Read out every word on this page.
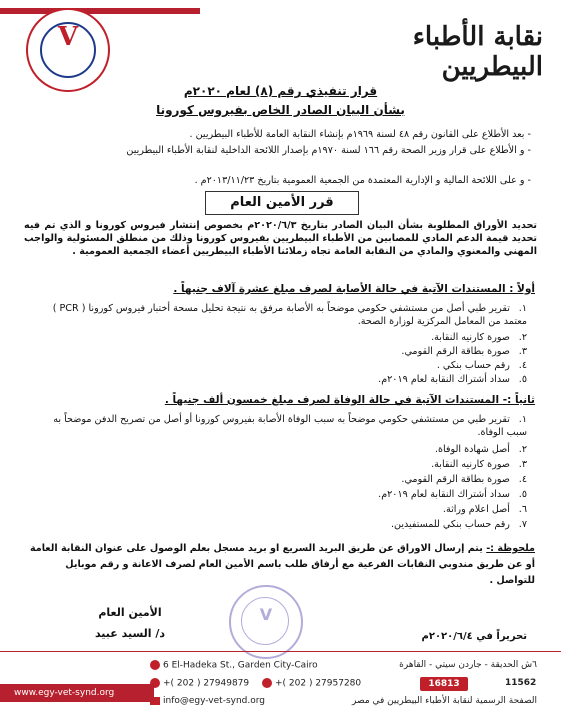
V	نقابة الأطباء البيطريين
قرار تنفيذي رقم (٨) لعام ٢٠٢٠م
بشأن البيان الصادر الخاص بفيروس كورونا
- بعد الأطلاع على القانون رقم ٤٨ لسنة ١٩٦٩م بإنشاء النقابة العامة للأطباء البيطريين .
- و الأطلاع على قرار وزير الصحة رقم ١٦٦ لسنة ١٩٧٠م بإصدار اللائحة الداخلية لنقابة الأطباء البيطريين
- و على اللائحة المالية و الإدارية المعتمدة من الجمعية العمومية بتاريخ ٢٠١٣/١١/٢٣م .
قرر الأمين العام
تحديد الأوراق المطلوبة بشأن البيان الصادر بتاريخ ٢٠٢٠/٦/٣م بخصوص إنتشار فيروس كورونا و الذي تم فيه تحديد قيمة الدعم المادي للمصابين من الأطباء البيطريين بفيروس كورونا وذلك من منطلق المسئولية والواجب المهني والمعنوي والمادي من النقابة العامة تجاه زملائنا الأطباء البيطريين أعضاء الجمعية العمومية .
أولاً : المستندات الآتية في حالة الأصابة لصرف مبلغ عشرة آلاف جنيهاً .
١. تقرير طبي أصل من مستشفي حكومي موضحاً به الأصابة مرفق به نتيجة تحليل مسحة أختبار فيروس كورونا ( PCR ) معتمد من المعامل المركزية لوزارة الصحة.
٢. صورة كارنيه النقابة.
٣. صورة بطاقة الرقم القومي.
٤. رقم حساب بنكي .
٥. سداد أشتراك النقابة لعام ٢٠١٩م.
ثانياً :- المستندات الآتية في حالة الوفاة لصرف مبلغ خمسون ألف جنيهاً .
١. تقرير طبي من مستشفي حكومي موضحاً به سبب الوفاة الأصابة بفيروس كورونا أو أصل من تصريح الدفن موضحاً به سبب الوفاة.
٢. أصل شهادة الوفاة.
٣. صورة كارنيه النقابة.
٤. صورة بطاقة الرقم القومي.
٥. سداد أشتراك النقابة لعام ٢٠١٩م.
٦. أصل اعلام وراثة.
٧. رقم حساب بنكي للمستفيدين.
ملحوظة :- يتم إرسال الاوراق عن طريق البريد السريع او بريد مسجل بعلم الوصول على عنوان النقابة العامة أو عن طريق مندوبي النقابات الفرعية مع أرفاق طلب باسم الأمين العام لصرف الاعانة و رقم موبايل للتواصل .
الأمين العام
د/ السيد عبيد
V
تحريراً في ٢٠٢٠/٦/٤م
6 El-Hadeka St., Garden City-Cairo	٦ش الحديقة - جاردن سيتي - القاهرة
+( 202 ) 27949879	+( 202 ) 27957280	16813	11562
info@egy-vet-synd.org	الصفحة الرسمية لنقابة الأطباء البيطريين في مصر
www.egy-vet-synd.org
